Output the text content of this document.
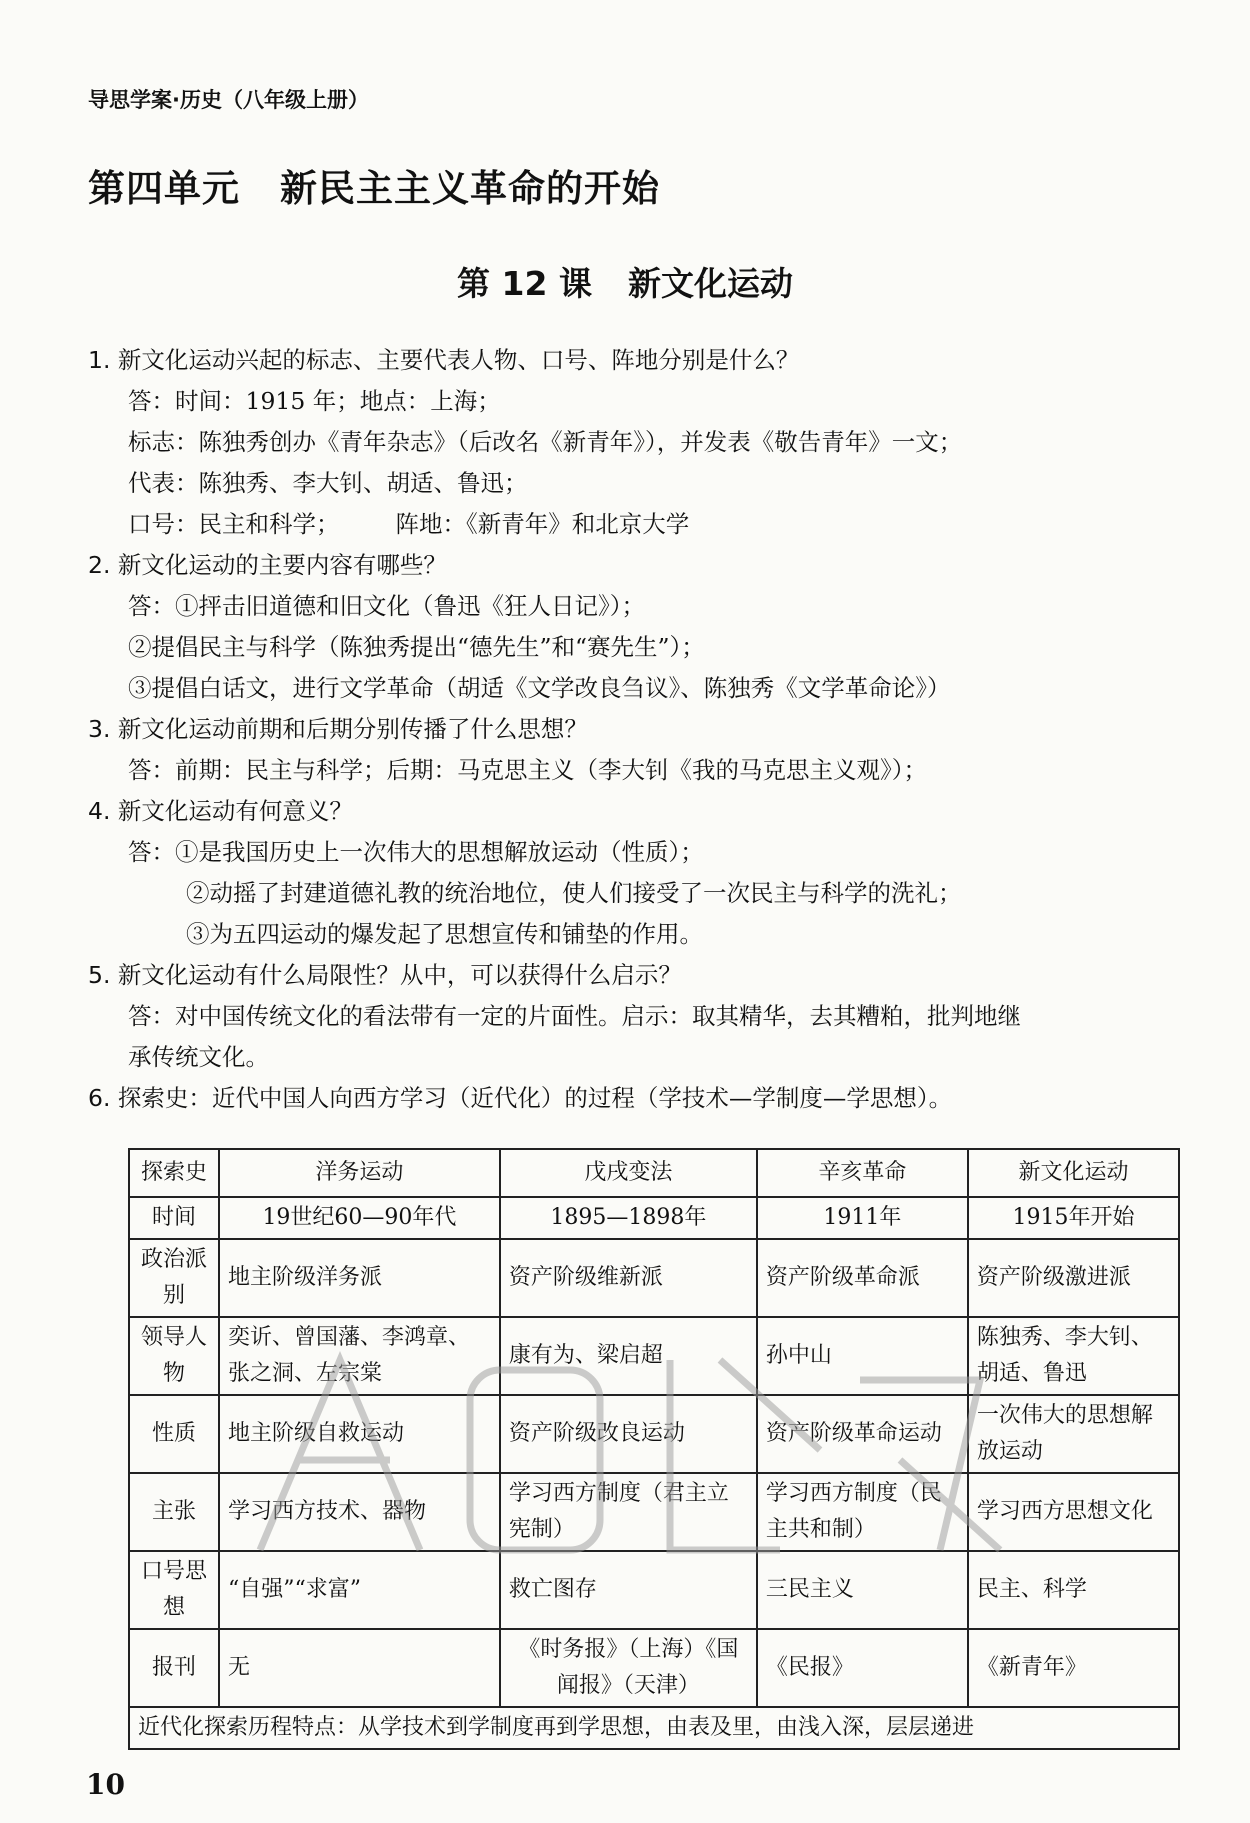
导思学案·历史（八年级上册）
第四单元 新民主主义革命的开始
第 12 课 新文化运动
1. 新文化运动兴起的标志、主要代表人物、口号、阵地分别是什么？
答：时间：1915 年；地点：上海；
标志：陈独秀创办《青年杂志》（后改名《新青年》），并发表《敬告青年》一文；
代表：陈独秀、李大钊、胡适、鲁迅；
口号：民主和科学； 阵地：《新青年》和北京大学
2. 新文化运动的主要内容有哪些？
答：①抨击旧道德和旧文化（鲁迅《狂人日记》）；
②提倡民主与科学（陈独秀提出“德先生”和“赛先生”）；
③提倡白话文，进行文学革命（胡适《文学改良刍议》、陈独秀《文学革命论》）
3. 新文化运动前期和后期分别传播了什么思想？
答：前期：民主与科学；后期：马克思主义（李大钊《我的马克思主义观》）；
4. 新文化运动有何意义？
答：①是我国历史上一次伟大的思想解放运动（性质）；
②动摇了封建道德礼教的统治地位，使人们接受了一次民主与科学的洗礼；
③为五四运动的爆发起了思想宣传和铺垫的作用。
5. 新文化运动有什么局限性？从中，可以获得什么启示？
答：对中国传统文化的看法带有一定的片面性。启示：取其精华，去其糟粕，批判地继
承传统文化。
6. 探索史：近代中国人向西方学习（近代化）的过程（学技术—学制度—学思想）。
探索史	洋务运动	戊戌变法	辛亥革命	新文化运动
时间	19世纪60—90年代	1895—1898年	1911年	1915年开始
政治派别	地主阶级洋务派	资产阶级维新派	资产阶级革命派	资产阶级激进派
领导人物	奕䜣、曾国藩、李鸿章、张之洞、左宗棠	康有为、梁启超	孙中山	陈独秀、李大钊、胡适、鲁迅
性质	地主阶级自救运动	资产阶级改良运动	资产阶级革命运动	一次伟大的思想解放运动
主张	学习西方技术、器物	学习西方制度（君主立宪制）	学习西方制度（民主共和制）	学习西方思想文化
口号思想	“自强”“求富”	救亡图存	三民主义	民主、科学
报刊	无	《时务报》（上海）《国闻报》（天津）	《民报》	《新青年》
近代化探索历程特点：从学技术到学制度再到学思想，由表及里，由浅入深，层层递进				
10
